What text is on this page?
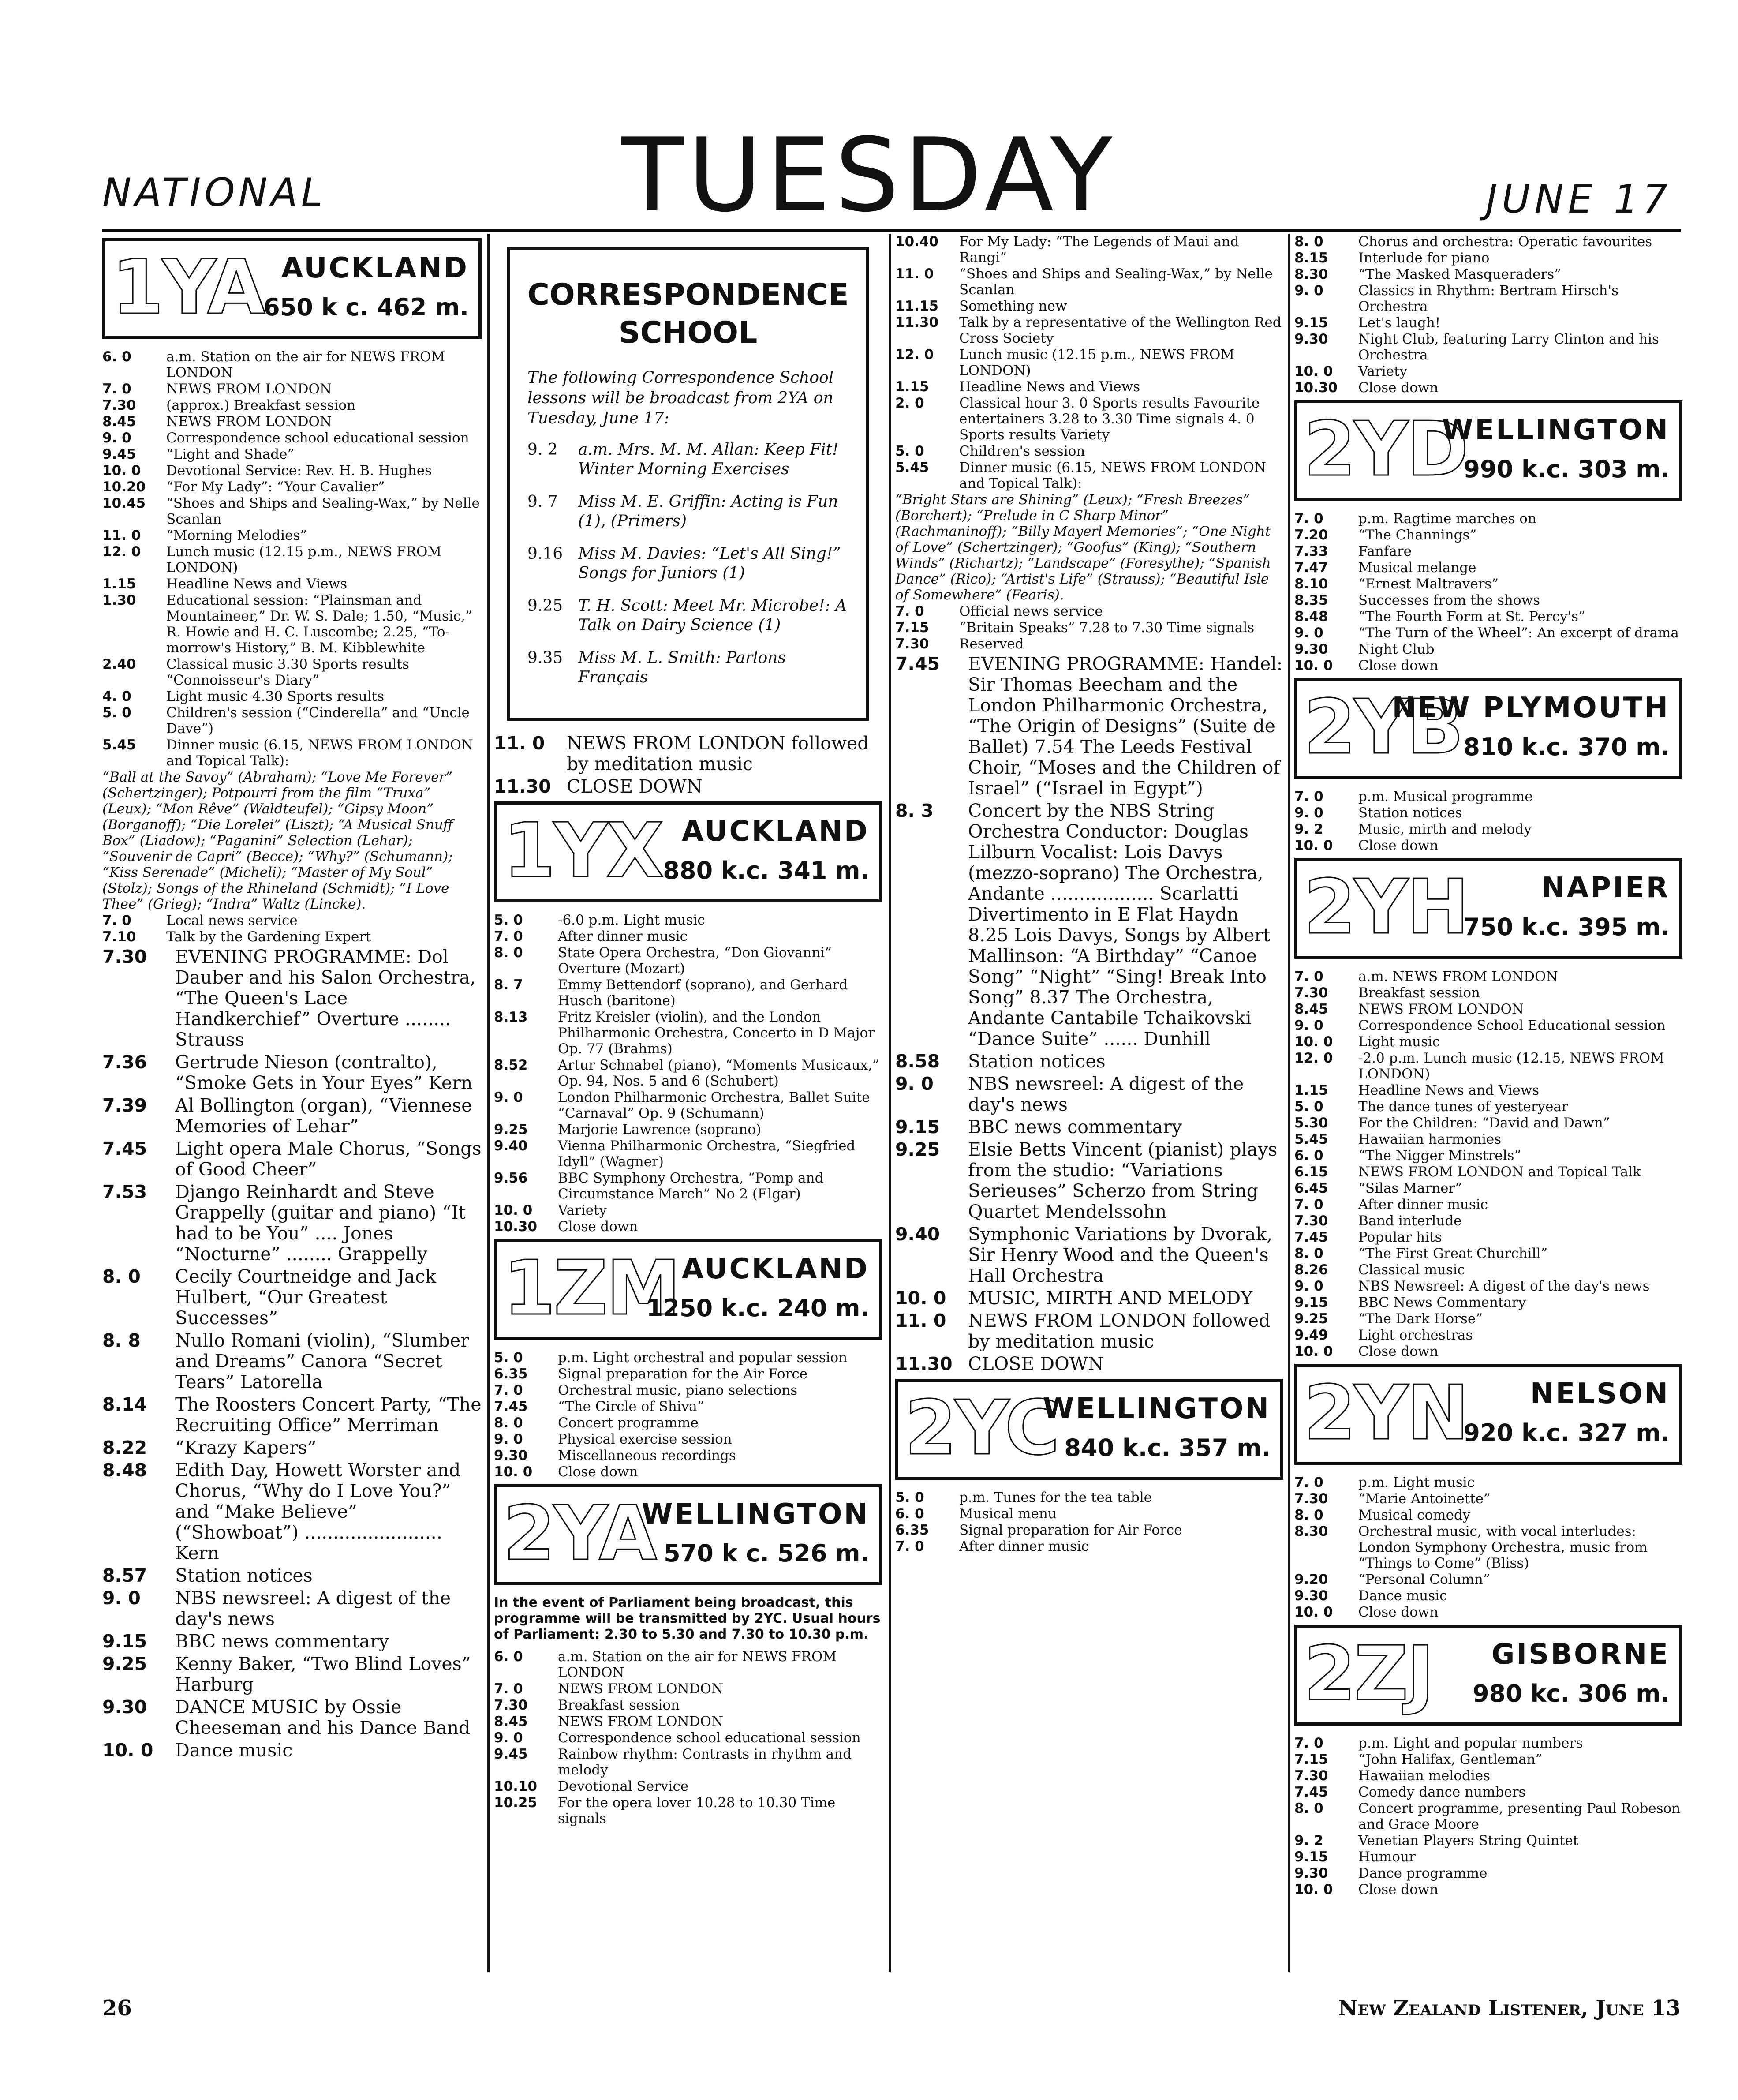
NATIONAL	TUESDAY	JUNE 17
1YA AUCKLAND
650 k c. 462 m.
6. 0	a.m. Station on the air for NEWS FROM LONDON
7. 0	NEWS FROM LONDON
7.30	(approx.) Breakfast session
8.45	NEWS FROM LONDON
9. 0	Correspondence school educational session
9.45	“Light and Shade”
10. 0	Devotional Service: Rev. H. B. Hughes
10.20	“For My Lady”: “Your Cavalier”
10.45	“Shoes and Ships and Sealing-Wax,” by Nelle Scanlan
11. 0	“Morning Melodies”
12. 0	Lunch music (12.15 p.m., NEWS FROM LONDON)
1.15	Headline News and Views
1.30	Educational session: “Plainsman and Mountaineer,” Dr. W. S. Dale; 1.50, “Music,” R. Howie and H. C. Luscombe; 2.25, “To-morrow's History,” B. M. Kibblewhite
2.40	Classical music 3.30 Sports results “Connoisseur's Diary”
4. 0	Light music 4.30 Sports results
5. 0	Children's session (“Cinderella” and “Uncle Dave”)
5.45	Dinner music (6.15, NEWS FROM LONDON and Topical Talk):
“Ball at the Savoy” (Abraham); “Love Me Forever” (Schertzinger); Potpourri from the film “Truxa” (Leux); “Mon Rêve” (Waldteufel); “Gipsy Moon” (Borganoff); “Die Lorelei” (Liszt); “A Musical Snuff Box” (Liadow); “Paganini” Selection (Lehar); “Souvenir de Capri” (Becce); “Why?” (Schumann); “Kiss Serenade” (Micheli); “Master of My Soul” (Stolz); Songs of the Rhineland (Schmidt); “I Love Thee” (Grieg); “Indra” Waltz (Lincke).
7. 0	Local news service
7.10	Talk by the Gardening Expert
7.30	EVENING PROGRAMME: Dol Dauber and his Salon Orchestra, “The Queen's Lace Handkerchief” Overture ........ Strauss
7.36	Gertrude Nieson (contralto), “Smoke Gets in Your Eyes” Kern
7.39	Al Bollington (organ), “Viennese Memories of Lehar”
7.45	Light opera Male Chorus, “Songs of Good Cheer”
7.53	Django Reinhardt and Steve Grappelly (guitar and piano) “It had to be You” .... Jones “Nocturne” ........ Grappelly
8. 0	Cecily Courtneidge and Jack Hulbert, “Our Greatest Successes”
8. 8	Nullo Romani (violin), “Slumber and Dreams” Canora “Secret Tears” Latorella
8.14	The Roosters Concert Party, “The Recruiting Office” Merriman
8.22	“Krazy Kapers”
8.48	Edith Day, Howett Worster and Chorus, “Why do I Love You?” and “Make Believe” (“Showboat”) ........................ Kern
8.57	Station notices
9. 0	NBS newsreel: A digest of the day's news
9.15	BBC news commentary
9.25	Kenny Baker, “Two Blind Loves” Harburg
9.30	DANCE MUSIC by Ossie Cheeseman and his Dance Band
10. 0	Dance music
CORRESPONDENCE SCHOOL
The following Correspondence School lessons will be broadcast from 2YA on Tuesday, June 17:
9. 2	a.m. Mrs. M. M. Allan: Keep Fit! Winter Morning Exercises
9. 7	Miss M. E. Griffin: Acting is Fun (1), (Primers)
9.16 Miss M. Davies: “Let's All Sing!” Songs for Juniors (1)
9.25 T. H. Scott: Meet Mr. Microbe!: A Talk on Dairy Science (1)
9.35 Miss M. L. Smith: Parlons Français
11. 0	NEWS FROM LONDON followed by meditation music
11.30 CLOSE DOWN
1YX AUCKLAND
880 k.c. 341 m.
5. 0	-6.0 p.m. Light music
7. 0	After dinner music
8. 0	State Opera Orchestra, “Don Giovanni” Overture (Mozart)
8. 7	Emmy Bettendorf (soprano), and Gerhard Husch (baritone)
8.13	Fritz Kreisler (violin), and the London Philharmonic Orchestra, Concerto in D Major Op. 77 (Brahms)
8.52	Artur Schnabel (piano), “Moments Musicaux,” Op. 94, Nos. 5 and 6 (Schubert)
9. 0	London Philharmonic Orchestra, Ballet Suite “Carnaval” Op. 9 (Schumann)
9.25	Marjorie Lawrence (soprano)
9.40	Vienna Philharmonic Orchestra, “Siegfried Idyll” (Wagner)
9.56	BBC Symphony Orchestra, “Pomp and Circumstance March” No 2 (Elgar)
10. 0	Variety
10.30	Close down
1ZM AUCKLAND
1250 k.c. 240 m.
5. 0	p.m. Light orchestral and popular session
6.35	Signal preparation for the Air Force
7. 0	Orchestral music, piano selections
7.45	“The Circle of Shiva”
8. 0	Concert programme
9. 0	Physical exercise session
9.30	Miscellaneous recordings
10. 0	Close down
2YA
WELLINGTON
570 k c. 526 m.
In the event of Parliament being broadcast, this programme will be transmitted by 2YC. Usual hours of Parliament: 2.30 to 5.30 and 7.30 to 10.30 p.m.
6. 0	a.m. Station on the air for NEWS FROM LONDON
7. 0	NEWS FROM LONDON
7.30	Breakfast session
8.45	NEWS FROM LONDON
9. 0	Correspondence school educational session
9.45	Rainbow rhythm: Contrasts in rhythm and melody
10.10	Devotional Service
10.25	For the opera lover 10.28 to 10.30 Time signals
10.40	For My Lady: “The Legends of Maui and Rangi”
11. 0	“Shoes and Ships and Sealing-Wax,” by Nelle Scanlan
11.15	Something new
11.30	Talk by a representative of the Wellington Red Cross Society
12. 0	Lunch music (12.15 p.m., NEWS FROM LONDON)
1.15	Headline News and Views
2. 0	Classical hour 3. 0 Sports results Favourite entertainers 3.28 to 3.30 Time signals 4. 0 Sports results Variety
5. 0	Children's session
5.45	Dinner music (6.15, NEWS FROM LONDON and Topical Talk):
“Bright Stars are Shining” (Leux); “Fresh Breezes” (Borchert); “Prelude in C Sharp Minor” (Rachmaninoff); “Billy Mayerl Memories”; “One Night of Love” (Schertzinger); “Goofus” (King); “Southern Winds” (Richartz); “Landscape” (Foresythe); “Spanish Dance” (Rico); “Artist's Life” (Strauss); “Beautiful Isle of Somewhere” (Fearis).
7. 0	Official news service
7.15	“Britain Speaks” 7.28 to 7.30 Time signals
7.30	Reserved
7.45	EVENING PROGRAMME: Handel: Sir Thomas Beecham and the London Philharmonic Orchestra, “The Origin of Designs” (Suite de Ballet) 7.54 The Leeds Festival Choir, “Moses and the Children of Israel” (“Israel in Egypt”)
8. 3	Concert by the NBS String Orchestra Conductor: Douglas Lilburn Vocalist: Lois Davys (mezzo-soprano) The Orchestra, Andante .................. Scarlatti Divertimento in E Flat Haydn 8.25 Lois Davys, Songs by Albert Mallinson: “A Birthday” “Canoe Song” “Night” “Sing! Break Into Song” 8.37 The Orchestra, Andante Cantabile Tchaikovski “Dance Suite” ...... Dunhill
8.58	Station notices
9. 0	NBS newsreel: A digest of the day's news
9.15	BBC news commentary
9.25	Elsie Betts Vincent (pianist) plays from the studio: “Variations Serieuses” Scherzo from String Quartet Mendelssohn
9.40	Symphonic Variations by Dvorak, Sir Henry Wood and the Queen's Hall Orchestra
10. 0	MUSIC, MIRTH AND MELODY
11. 0	NEWS FROM LONDON followed by meditation music
11.30 CLOSE DOWN
2YC
WELLINGTON
840 k.c. 357 m.
5. 0	p.m. Tunes for the tea table
6. 0	Musical menu
6.35	Signal preparation for Air Force
7. 0	After dinner music
8. 0	Chorus and orchestra: Operatic favourites
8.15	Interlude for piano
8.30	“The Masked Masqueraders”
9. 0	Classics in Rhythm: Bertram Hirsch's Orchestra
9.15	Let's laugh!
9.30	Night Club, featuring Larry Clinton and his Orchestra
10. 0	Variety
10.30	Close down
2YD
WELLINGTON
990 k.c. 303 m.
7. 0	p.m. Ragtime marches on
7.20	“The Channings”
7.33	Fanfare
7.47	Musical melange
8.10	“Ernest Maltravers”
8.35	Successes from the shows
8.48	“The Fourth Form at St. Percy's”
9. 0	“The Turn of the Wheel”: An excerpt of drama
9.30	Night Club
10. 0	Close down
2YB
NEW PLYMOUTH
810 k.c. 370 m.
7. 0	p.m. Musical programme
9. 0	Station notices
9. 2	Music, mirth and melody
10. 0	Close down
2YH	NAPIER
750 k.c. 395 m.
7. 0	a.m. NEWS FROM LONDON
7.30	Breakfast session
8.45	NEWS FROM LONDON
9. 0	Correspondence School Educational session
10. 0	Light music
12. 0	-2.0 p.m. Lunch music (12.15, NEWS FROM LONDON)
1.15	Headline News and Views
5. 0	The dance tunes of yesteryear
5.30	For the Children: “David and Dawn”
5.45	Hawaiian harmonies
6. 0	“The Nigger Minstrels”
6.15	NEWS FROM LONDON and Topical Talk
6.45	“Silas Marner”
7. 0	After dinner music
7.30	Band interlude
7.45	Popular hits
8. 0	“The First Great Churchill”
8.26	Classical music
9. 0	NBS Newsreel: A digest of the day's news
9.15	BBC News Commentary
9.25	“The Dark Horse”
9.49	Light orchestras
10. 0	Close down
2YN NELSON
920 k.c. 327 m.
7. 0	p.m. Light music
7.30	“Marie Antoinette”
8. 0	Musical comedy
8.30	Orchestral music, with vocal interludes: London Symphony Orchestra, music from “Things to Come” (Bliss)
9.20	“Personal Column”
9.30	Dance music
10. 0	Close down
2ZJ GISBORNE
980 kc. 306 m.
7. 0	p.m. Light and popular numbers
7.15	“John Halifax, Gentleman”
7.30	Hawaiian melodies
7.45	Comedy dance numbers
8. 0	Concert programme, presenting Paul Robeson and Grace Moore
9. 2	Venetian Players String Quintet
9.15	Humour
9.30	Dance programme
10. 0	Close down
26	New Zealand Listener, June 13
